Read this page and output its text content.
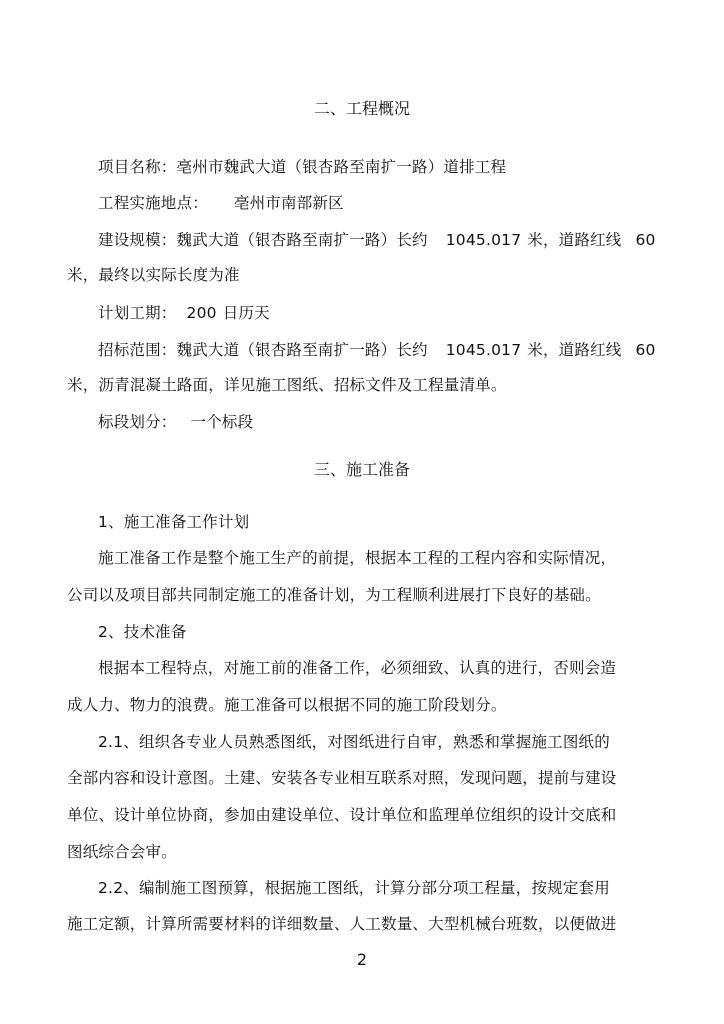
二、工程概况
项目名称：亳州市魏武大道（银杏路至南扩一路）道排工程
工程实施地点： 亳州市南部新区
建设规模：魏武大道（银杏路至南扩一路）长约 1045.017 米，道路红线 60
米，最终以实际长度为准
计划工期： 200 日历天
招标范围：魏武大道（银杏路至南扩一路）长约 1045.017 米，道路红线 60
米，沥青混凝土路面，详见施工图纸、招标文件及工程量清单。
标段划分： 一个标段
三、施工准备
1、施工准备工作计划
施工准备工作是整个施工生产的前提，根据本工程的工程内容和实际情况，
公司以及项目部共同制定施工的准备计划，为工程顺利进展打下良好的基础。
2、技术准备
根据本工程特点，对施工前的准备工作，必须细致、认真的进行，否则会造
成人力、物力的浪费。施工准备可以根据不同的施工阶段划分。
2.1、组织各专业人员熟悉图纸，对图纸进行自审，熟悉和掌握施工图纸的
全部内容和设计意图。土建、安装各专业相互联系对照，发现问题，提前与建设
单位、设计单位协商，参加由建设单位、设计单位和监理单位组织的设计交底和
图纸综合会审。
2.2、编制施工图预算，根据施工图纸，计算分部分项工程量，按规定套用
施工定额，计算所需要材料的详细数量、人工数量、大型机械台班数，以便做进
2
